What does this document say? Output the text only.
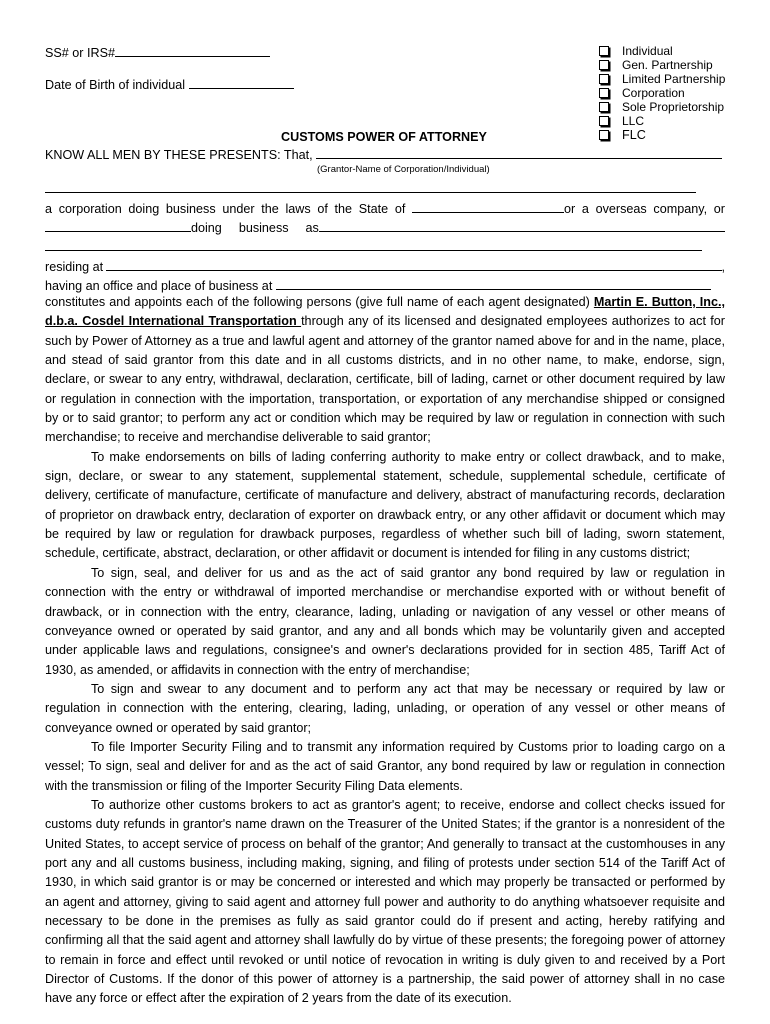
SS# or IRS#
Date of Birth of individual
Individual
Gen. Partnership
Limited Partnership
Corporation
Sole Proprietorship
LLC
FLC
CUSTOMS POWER OF ATTORNEY
KNOW ALL MEN BY THESE PRESENTS: That,
(Grantor-Name of Corporation/Individual)
a corporation doing business under the laws of the State of	or a overseas company, or
doing business as
residing at	,
having an office and place of business at

constitutes and appoints each of the following persons (give full name of each agent designated) Martin E. Button, Inc., d.b.a. Cosdel International Transportation through any of its licensed and designated employees authorizes to act for such by Power of Attorney as a true and lawful agent and attorney of the grantor named above for and in the name, place, and stead of said grantor from this date and in all customs districts, and in no other name, to make, endorse, sign, declare, or swear to any entry, withdrawal, declaration, certificate, bill of lading, carnet or other document required by law or regulation in connection with the importation, transportation, or exportation of any merchandise shipped or consigned by or to said grantor; to perform any act or condition which may be required by law or regulation in connection with such merchandise; to receive and merchandise deliverable to said grantor;

To make endorsements on bills of lading conferring authority to make entry or collect drawback, and to make, sign, declare, or swear to any statement, supplemental statement, schedule, supplemental schedule, certificate of delivery, certificate of manufacture, certificate of manufacture and delivery, abstract of manufacturing records, declaration of proprietor on drawback entry, declaration of exporter on drawback entry, or any other affidavit or document which may be required by law or regulation for drawback purposes, regardless of whether such bill of lading, sworn statement, schedule, certificate, abstract, declaration, or other affidavit or document is intended for filing in any customs district;

To sign, seal, and deliver for us and as the act of said grantor any bond required by law or regulation in connection with the entry or withdrawal of imported merchandise or merchandise exported with or without benefit of drawback, or in connection with the entry, clearance, lading, unlading or navigation of any vessel or other means of conveyance owned or operated by said grantor, and any and all bonds which may be voluntarily given and accepted under applicable laws and regulations, consignee's and owner's declarations provided for in section 485, Tariff Act of 1930, as amended, or affidavits in connection with the entry of merchandise;

To sign and swear to any document and to perform any act that may be necessary or required by law or regulation in connection with the entering, clearing, lading, unlading, or operation of any vessel or other means of conveyance owned or operated by said grantor;

To file Importer Security Filing and to transmit any information required by Customs prior to loading cargo on a vessel; To sign, seal and deliver for and as the act of said Grantor, any bond required by law or regulation in connection with the transmission or filing of the Importer Security Filing Data elements.

To authorize other customs brokers to act as grantor's agent; to receive, endorse and collect checks issued for customs duty refunds in grantor's name drawn on the Treasurer of the United States; if the grantor is a nonresident of the United States, to accept service of process on behalf of the grantor; And generally to transact at the customhouses in any port any and all customs business, including making, signing, and filing of protests under section 514 of the Tariff Act of 1930, in which said grantor is or may be concerned or interested and which may properly be transacted or performed by an agent and attorney, giving to said agent and attorney full power and authority to do anything whatsoever requisite and necessary to be done in the premises as fully as said grantor could do if present and acting, hereby ratifying and confirming all that the said agent and attorney shall lawfully do by virtue of these presents; the foregoing power of attorney to remain in force and effect until revoked or until notice of revocation in writing is duly given to and received by a Port Director of Customs. If the donor of this power of attorney is a partnership, the said power of attorney shall in no case have any force or effect after the expiration of 2 years from the date of its execution.
